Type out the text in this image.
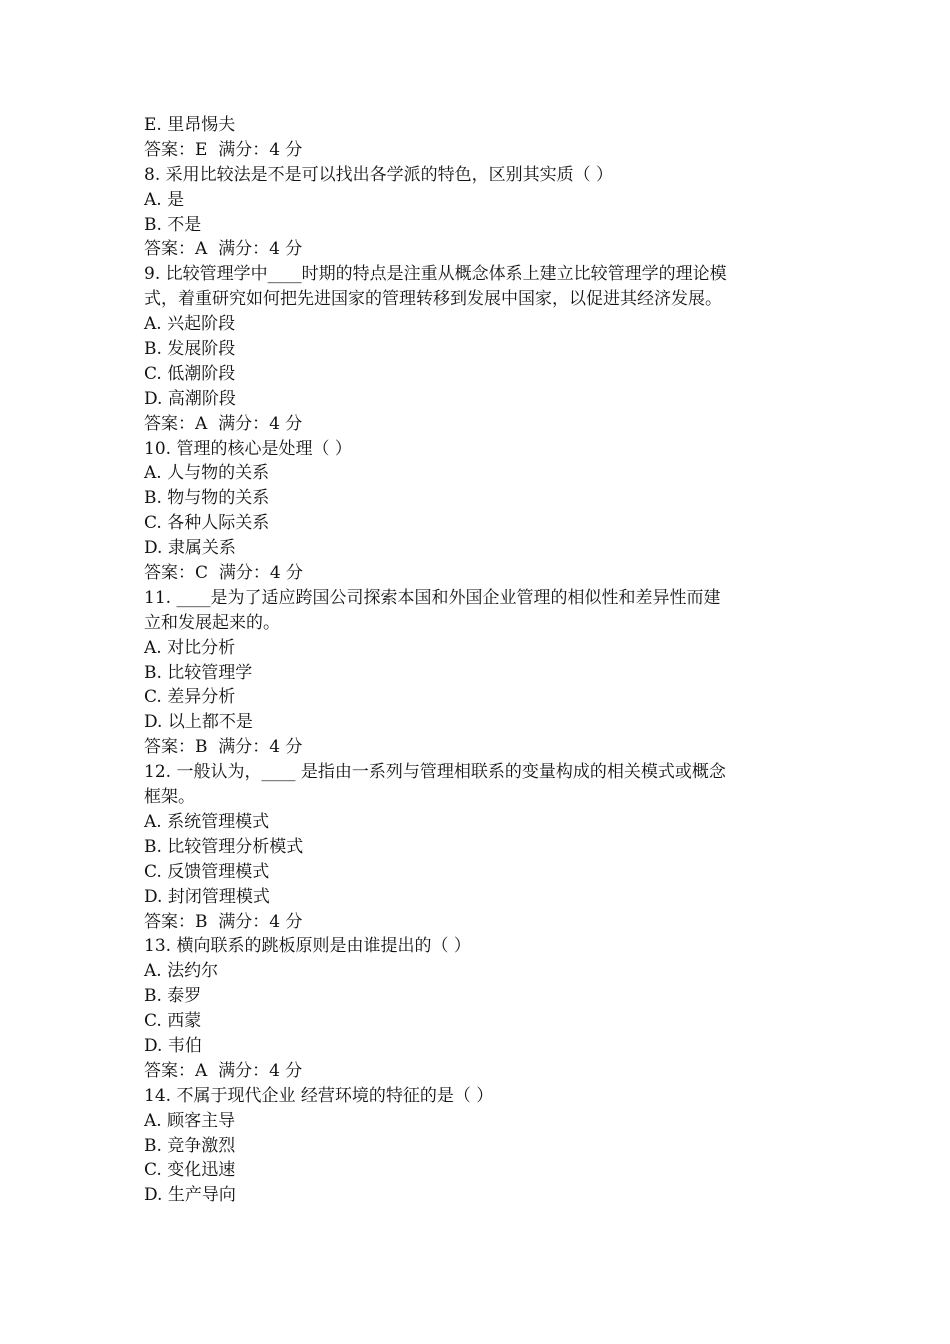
E. 里昂惕夫
答案：E  满分：4 分
8. 采用比较法是不是可以找出各学派的特色，区别其实质（ ）
A. 是
B. 不是
答案：A  满分：4 分
9. 比较管理学中____时期的特点是注重从概念体系上建立比较管理学的理论模
式，着重研究如何把先进国家的管理转移到发展中国家，以促进其经济发展。
A. 兴起阶段
B. 发展阶段
C. 低潮阶段
D. 高潮阶段
答案：A  满分：4 分
10. 管理的核心是处理（ ）
A. 人与物的关系
B. 物与物的关系
C. 各种人际关系
D. 隶属关系
答案：C  满分：4 分
11. ____是为了适应跨国公司探索本国和外国企业管理的相似性和差异性而建
立和发展起来的。
A. 对比分析
B. 比较管理学
C. 差异分析
D. 以上都不是
答案：B  满分：4 分
12. 一般认为，____ 是指由一系列与管理相联系的变量构成的相关模式或概念
框架。
A. 系统管理模式
B. 比较管理分析模式
C. 反馈管理模式
D. 封闭管理模式
答案：B  满分：4 分
13. 横向联系的跳板原则是由谁提出的（ ）
A. 法约尔
B. 泰罗
C. 西蒙
D. 韦伯
答案：A  满分：4 分
14. 不属于现代企业 经营环境的特征的是（ ）
A. 顾客主导
B. 竞争激烈
C. 变化迅速
D. 生产导向
